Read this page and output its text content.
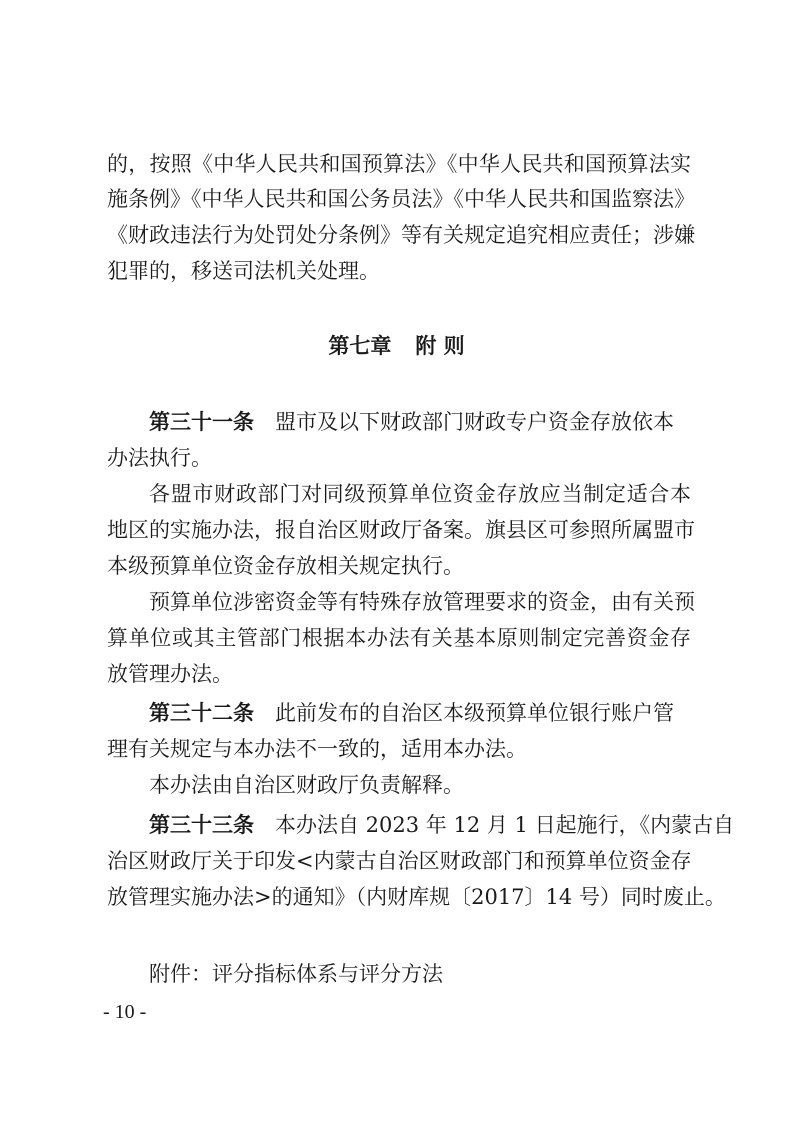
的，按照《中华人民共和国预算法》《中华人民共和国预算法实
施条例》《中华人民共和国公务员法》《中华人民共和国监察法》
《财政违法行为处罚处分条例》等有关规定追究相应责任；涉嫌
犯罪的，移送司法机关处理。
第七章 附 则
第三十一条 盟市及以下财政部门财政专户资金存放依本
办法执行。
各盟市财政部门对同级预算单位资金存放应当制定适合本
地区的实施办法，报自治区财政厅备案。旗县区可参照所属盟市
本级预算单位资金存放相关规定执行。
预算单位涉密资金等有特殊存放管理要求的资金，由有关预
算单位或其主管部门根据本办法有关基本原则制定完善资金存
放管理办法。
第三十二条 此前发布的自治区本级预算单位银行账户管
理有关规定与本办法不一致的，适用本办法。
本办法由自治区财政厅负责解释。
第三十三条 本办法自 2023 年 12 月 1 日起施行，《内蒙古自
治区财政厅关于印发<内蒙古自治区财政部门和预算单位资金存
放管理实施办法>的通知》（内财库规〔2017〕14 号）同时废止。
附件：评分指标体系与评分方法
- 10 -
